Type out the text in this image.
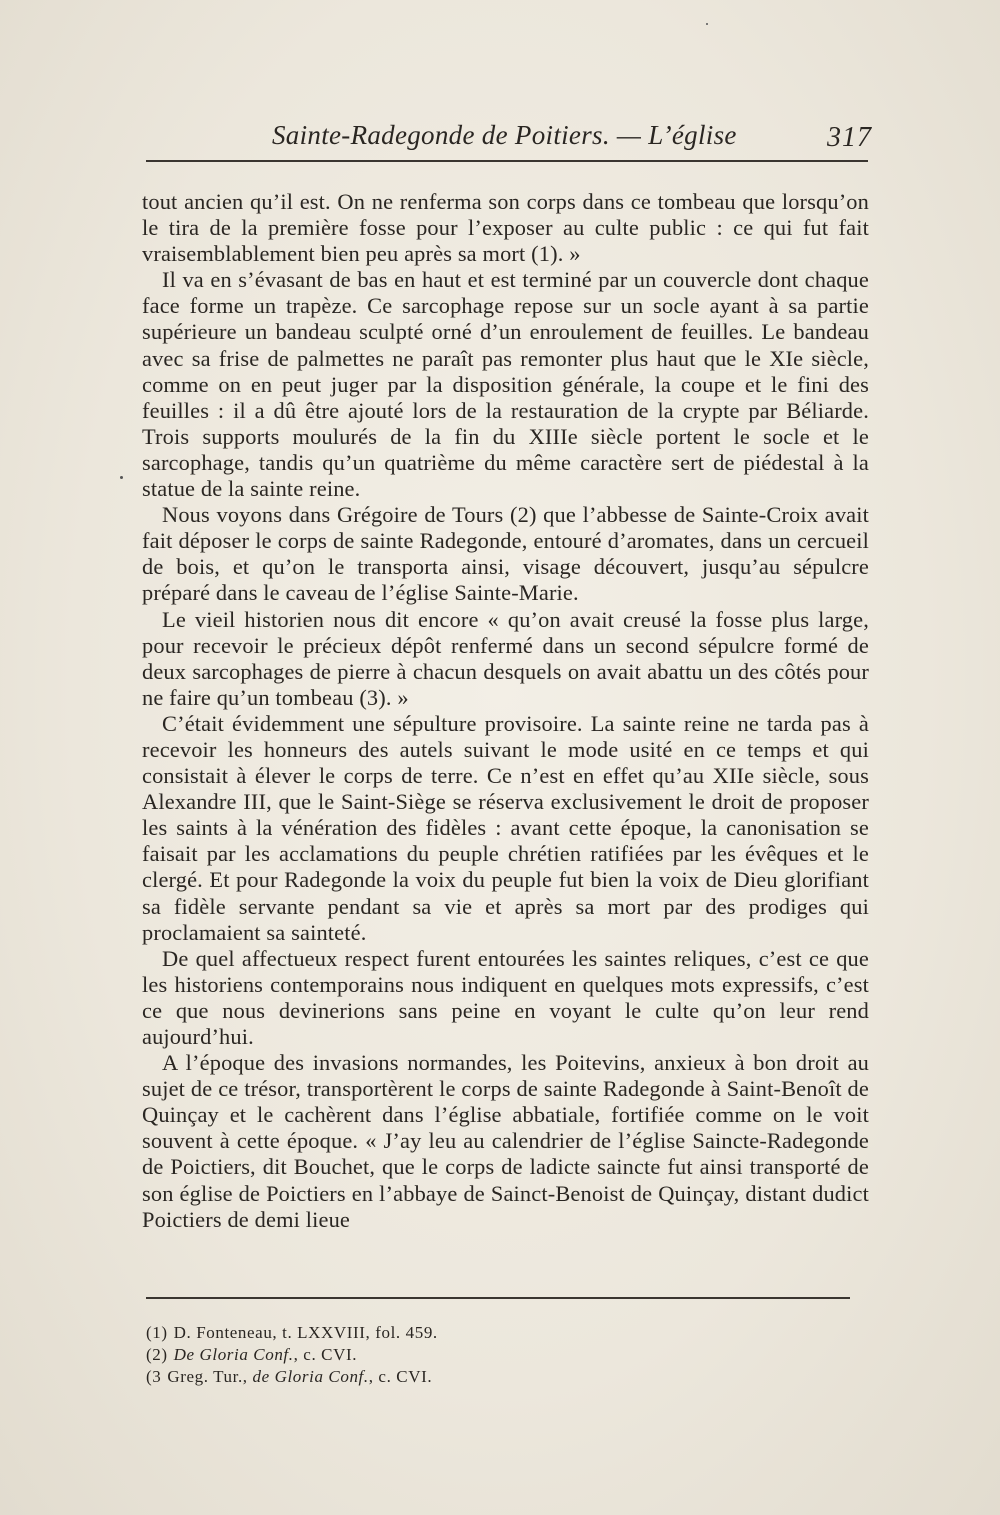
Sainte-Radegonde de Poitiers. — L’église	317

tout ancien qu’il est. On ne renferma son corps dans ce tombeau que lorsqu’on le tira de la première fosse pour l’exposer au culte public : ce qui fut fait vraisemblablement bien peu après sa mort (1). »

Il va en s’évasant de bas en haut et est terminé par un couvercle dont chaque face forme un trapèze. Ce sarcophage repose sur un socle ayant à sa partie supérieure un bandeau sculpté orné d’un enroulement de feuilles. Le bandeau avec sa frise de palmettes ne paraît pas remonter plus haut que le XIe siècle, comme on en peut juger par la disposition générale, la coupe et le fini des feuilles : il a dû être ajouté lors de la restauration de la crypte par Béliarde. Trois supports moulurés de la fin du XIIIe siècle portent le socle et le sarcophage, tandis qu’un quatrième du même caractère sert de piédestal à la statue de la sainte reine.

Nous voyons dans Grégoire de Tours (2) que l’abbesse de Sainte-Croix avait fait déposer le corps de sainte Radegonde, entouré d’aromates, dans un cercueil de bois, et qu’on le transporta ainsi, visage découvert, jusqu’au sépulcre préparé dans le caveau de l’église Sainte-Marie.

Le vieil historien nous dit encore « qu’on avait creusé la fosse plus large, pour recevoir le précieux dépôt renfermé dans un second sépulcre formé de deux sarcophages de pierre à chacun desquels on avait abattu un des côtés pour ne faire qu’un tombeau (3). »

C’était évidemment une sépulture provisoire. La sainte reine ne tarda pas à recevoir les honneurs des autels suivant le mode usité en ce temps et qui consistait à élever le corps de terre. Ce n’est en effet qu’au XIIe siècle, sous Alexandre III, que le Saint-Siège se réserva exclusivement le droit de proposer les saints à la vénération des fidèles : avant cette époque, la canonisation se faisait par les acclamations du peuple chrétien ratifiées par les évêques et le clergé. Et pour Radegonde la voix du peuple fut bien la voix de Dieu glorifiant sa fidèle servante pendant sa vie et après sa mort par des prodiges qui proclamaient sa sainteté.

De quel affectueux respect furent entourées les saintes reliques, c’est ce que les historiens contemporains nous indiquent en quelques mots expressifs, c’est ce que nous devinerions sans peine en voyant le culte qu’on leur rend aujourd’hui.

A l’époque des invasions normandes, les Poitevins, anxieux à bon droit au sujet de ce trésor, transportèrent le corps de sainte Radegonde à Saint-Benoît de Quinçay et le cachèrent dans l’église abbatiale, fortifiée comme on le voit souvent à cette époque. « J’ay leu au calendrier de l’église Saincte-Radegonde de Poictiers, dit Bouchet, que le corps de ladicte saincte fut ainsi transporté de son église de Poictiers en l’abbaye de Sainct-Benoist de Quinçay, distant dudict Poictiers de demi lieue

(1) D. Fonteneau, t. LXXVIII, fol. 459.
(2) De Gloria Conf., c. CVI.
(3 Greg. Tur., de Gloria Conf., c. CVI.
